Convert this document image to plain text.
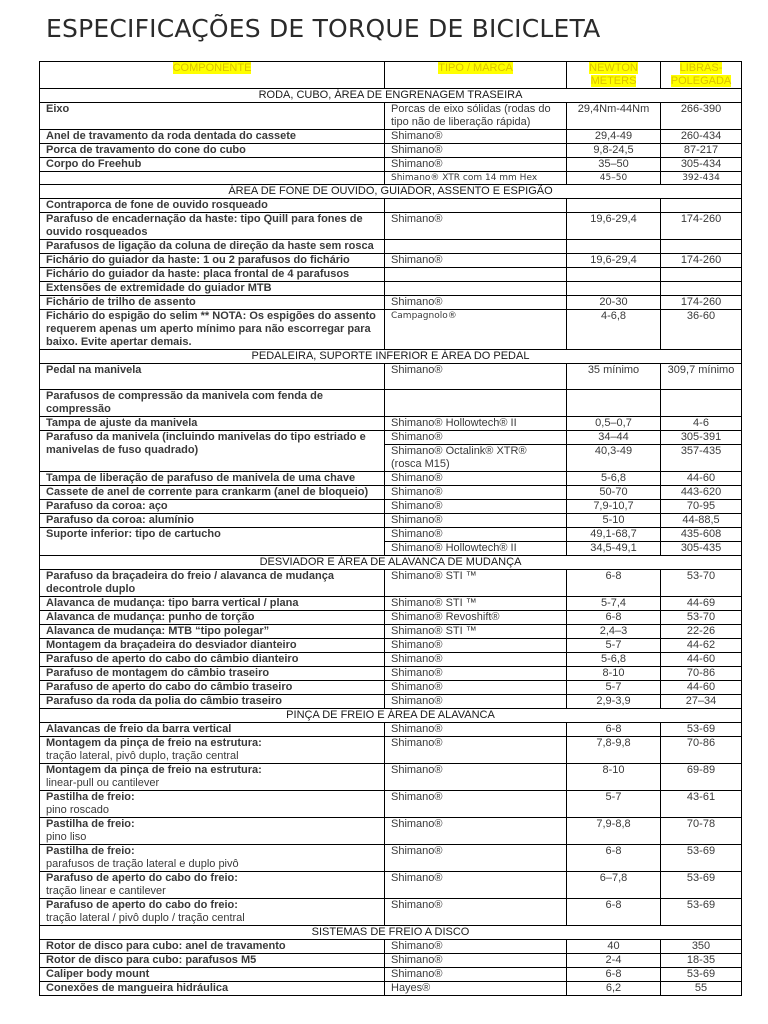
ESPECIFICAÇÕES DE TORQUE DE BICICLETA
COMPONENTE	TIPO / MARCA	NEWTON METERS	LIBRAS-POLEGADA
RODA, CUBO, ÁREA DE ENGRENAGEM TRASEIRA			
Eixo	Porcas de eixo sólidas (rodas do tipo não de liberação rápida)	29,4Nm-44Nm	266-390
Anel de travamento da roda dentada do cassete	Shimano®	29,4-49	260-434
Porca de travamento do cone do cubo	Shimano®	9,8-24,5	87-217
Corpo do Freehub	Shimano®	35–50	305-434
	Shimano® XTR com 14 mm Hex	45–50	392-434
ÁREA DE FONE DE OUVIDO, GUIADOR, ASSENTO E ESPIGÃO			
Contraporca de fone de ouvido rosqueado			
Parafuso de encadernação da haste: tipo Quill para fones de ouvido rosqueados	Shimano®	19,6-29,4	174-260
Parafusos de ligação da coluna de direção da haste sem rosca			
Fichário do guiador da haste: 1 ou 2 parafusos do fichário	Shimano®	19,6-29,4	174-260
Fichário do guiador da haste: placa frontal de 4 parafusos			
Extensões de extremidade do guiador MTB			
Fichário de trilho de assento	Shimano®	20-30	174-260
Fichário do espigão do selim ** NOTA: Os espigões do assento requerem apenas um aperto mínimo para não escorregar para baixo. Evite apertar demais.	Campagnolo®	4-6,8	36-60
PEDALEIRA, SUPORTE INFERIOR E ÁREA DO PEDAL			
Pedal na manivela	Shimano®	35 mínimo	309,7 mínimo
Parafusos de compressão da manivela com fenda de compressão			
Tampa de ajuste da manivela	Shimano® Hollowtech® II	0,5–0,7	4-6
Parafuso da manivela (incluindo manivelas do tipo estriado e manivelas de fuso quadrado)	Shimano®	34–44	305-391
	Shimano® Octalink® XTR® (rosca M15)	40,3-49	357-435
Tampa de liberação de parafuso de manivela de uma chave	Shimano®	5-6,8	44-60
Cassete de anel de corrente para crankarm (anel de bloqueio)	Shimano®	50-70	443-620
Parafuso da coroa: aço	Shimano®	7,9-10,7	70-95
Parafuso da coroa: alumínio	Shimano®	5-10	44-88,5
Suporte inferior: tipo de cartucho	Shimano®	49,1-68,7	435-608
	Shimano® Hollowtech® II	34,5-49,1	305-435
DESVIADOR E ÁREA DE ALAVANCA DE MUDANÇA			
Parafuso da braçadeira do freio / alavanca de mudança decontrole duplo	Shimano® STI ™	6-8	53-70
Alavanca de mudança: tipo barra vertical / plana	Shimano® STI ™	5-7,4	44-69
Alavanca de mudança: punho de torção	Shimano® Revoshift®	6-8	53-70
Alavanca de mudança: MTB “tipo polegar”	Shimano® STI ™	2,4–3	22-26
Montagem da braçadeira do desviador dianteiro	Shimano®	5-7	44-62
Parafuso de aperto do cabo do câmbio dianteiro	Shimano®	5-6,8	44-60
Parafuso de montagem do câmbio traseiro	Shimano®	8-10	70-86
Parafuso de aperto do cabo do câmbio traseiro	Shimano®	5-7	44-60
Parafuso da roda da polia do câmbio traseiro	Shimano®	2,9-3,9	27–34
PINÇA DE FREIO E ÁREA DE ALAVANCA			
Alavancas de freio da barra vertical	Shimano®	6-8	53-69
Montagem da pinça de freio na estrutura:
tração lateral, pivô duplo, tração central	Shimano®	7,8-9,8	70-86
Montagem da pinça de freio na estrutura:
linear-pull ou cantilever	Shimano®	8-10	69-89
Pastilha de freio:
pino roscado	Shimano®	5-7	43-61
Pastilha de freio:
pino liso	Shimano®	7,9-8,8	70-78
Pastilha de freio:
parafusos de tração lateral e duplo pivô	Shimano®	6-8	53-69
Parafuso de aperto do cabo do freio:
tração linear e cantilever	Shimano®	6–7,8	53-69
Parafuso de aperto do cabo do freio:
tração lateral / pivô duplo / tração central	Shimano®	6-8	53-69
SISTEMAS DE FREIO A DISCO			
Rotor de disco para cubo: anel de travamento	Shimano®	40	350
Rotor de disco para cubo: parafusos M5	Shimano®	2-4	18-35
Caliper body mount	Shimano®	6-8	53-69
Conexões de mangueira hidráulica	Hayes®	6,2	55
